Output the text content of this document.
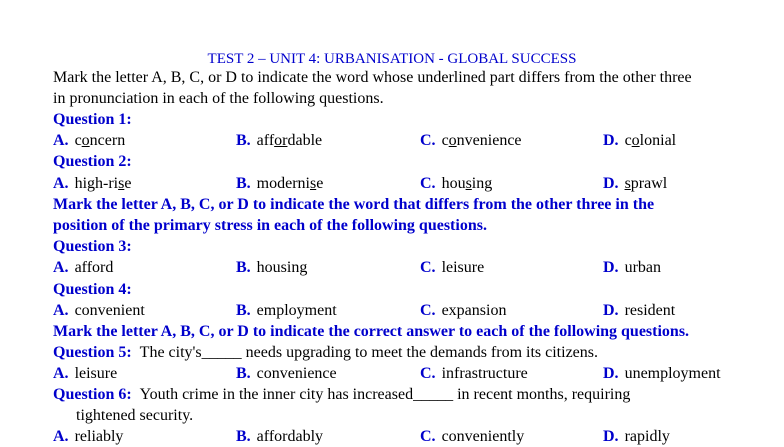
TEST 2 – UNIT 4: URBANISATION - GLOBAL SUCCESS
Mark the letter A, B, C, or D to indicate the word whose underlined part differs from the other three
in pronunciation in each of the following questions.
Question 1:
A. concern	B. affordable	C. convenience	D. colonial
Question 2:
A. high-rise	B. modernise	C. housing	D. sprawl
Mark the letter A, B, C, or D to indicate the word that differs from the other three in the
position of the primary stress in each of the following questions.
Question 3:
A. afford	B. housing	C. leisure	D. urban
Question 4:
A. convenient	B. employment	C. expansion	D. resident
Mark the letter A, B, C, or D to indicate the correct answer to each of the following questions.
Question 5: The city's_____ needs upgrading to meet the demands from its citizens.
A. leisure	B. convenience	C. infrastructure	D. unemployment
Question 6: Youth crime in the inner city has increased_____ in recent months, requiring
tightened security.
A. reliably	B. affordably	C. conveniently	D. rapidly
